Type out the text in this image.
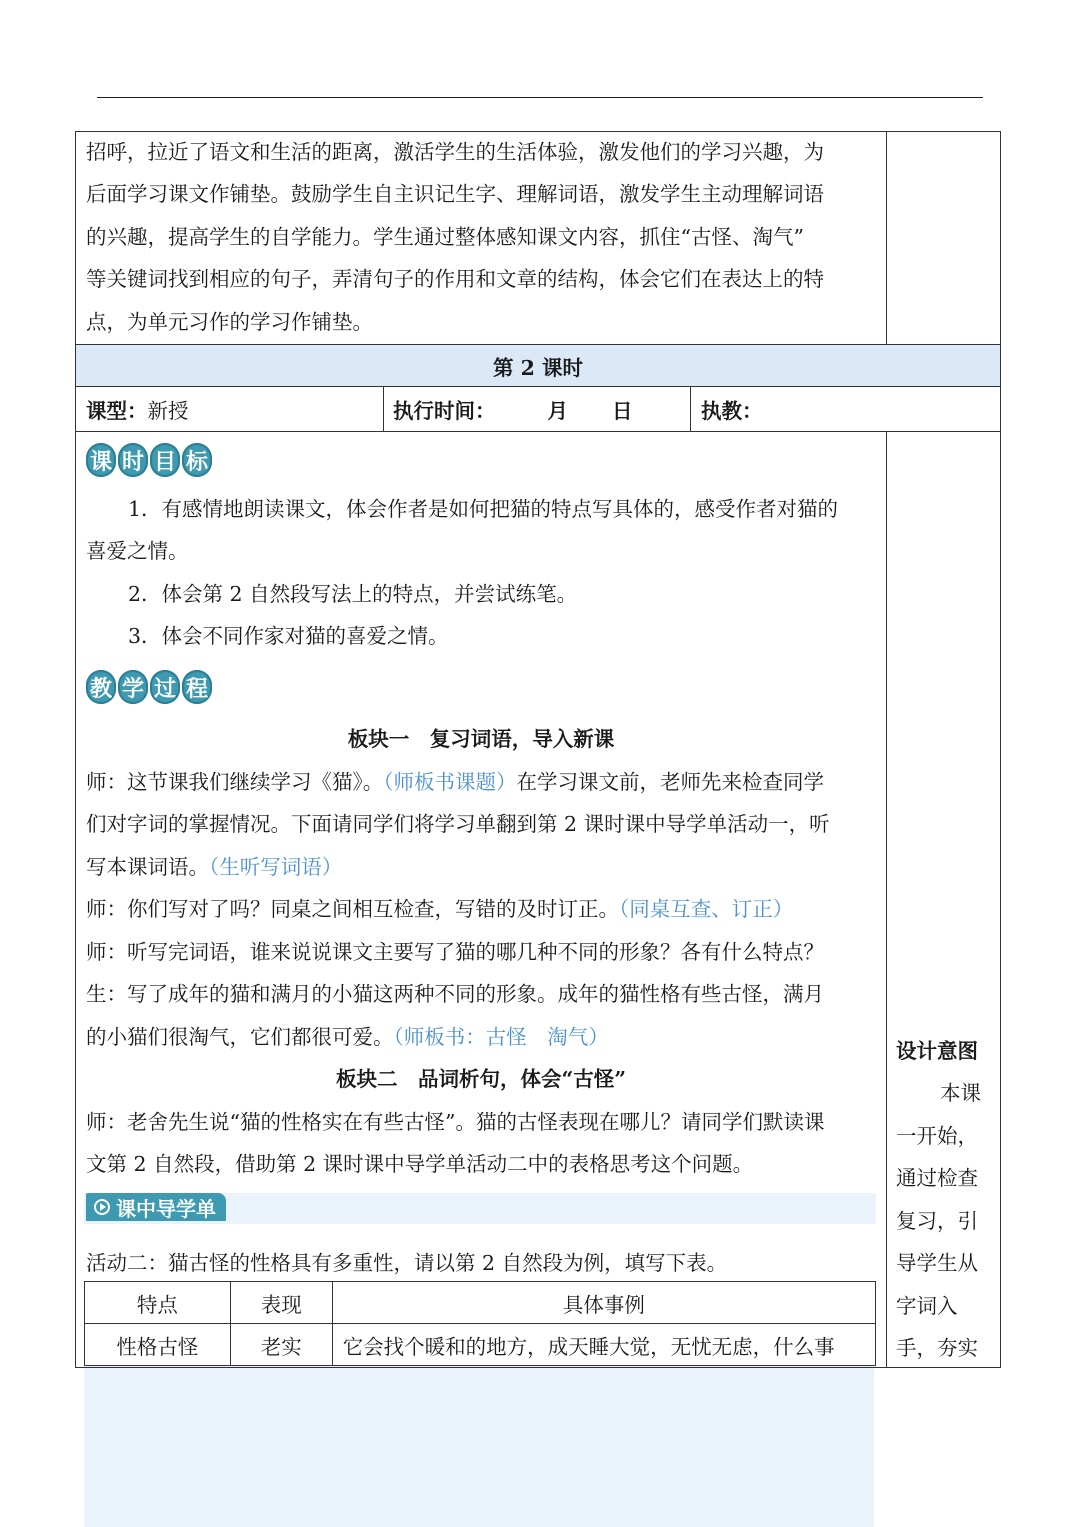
招呼，拉近了语文和生活的距离，激活学生的生活体验，激发他们的学习兴趣，为
后面学习课文作铺垫。鼓励学生自主识记生字、理解词语，激发学生主动理解词语
的兴趣，提高学生的自学能力。学生通过整体感知课文内容，抓住“古怪、淘气”
等关键词找到相应的句子，弄清句子的作用和文章的结构，体会它们在表达上的特
点，为单元习作的学习作铺垫。
第 2 课时
课型： 新授	执行时间：	月 日	执教：
课 时 目 标
1．有感情地朗读课文，体会作者是如何把猫的特点写具体的，感受作者对猫的
喜爱之情。
2．体会第 2 自然段写法上的特点，并尝试练笔。
3．体会不同作家对猫的喜爱之情。
教 学 过 程
板块一　复习词语，导入新课
师：这节课我们继续学习《猫》。（师板书课题）在学习课文前，老师先来检查同学
们对字词的掌握情况。下面请同学们将学习单翻到第 2 课时课中导学单活动一，听
写本课词语。（生听写词语）
师：你们写对了吗？同桌之间相互检查，写错的及时订正。（同桌互查、订正）
师：听写完词语，谁来说说课文主要写了猫的哪几种不同的形象？各有什么特点？
生：写了成年的猫和满月的小猫这两种不同的形象。成年的猫性格有些古怪，满月
的小猫们很淘气，它们都很可爱。（师板书：古怪　淘气）
板块二　品词析句，体会“古怪”
师：老舍先生说“猫的性格实在有些古怪”。猫的古怪表现在哪儿？请同学们默读课
文第 2 自然段，借助第 2 课时课中导学单活动二中的表格思考这个问题。
课中导学单
活动二：猫古怪的性格具有多重性，请以第 2 自然段为例，填写下表。
特点	表现	具体事例
性格古怪	老实	它会找个暖和的地方，成天睡大觉，无忧无虑，什么事
设计意图
本课
一开始，
通过检查
复习，引
导学生从
字词入
手，夯实
